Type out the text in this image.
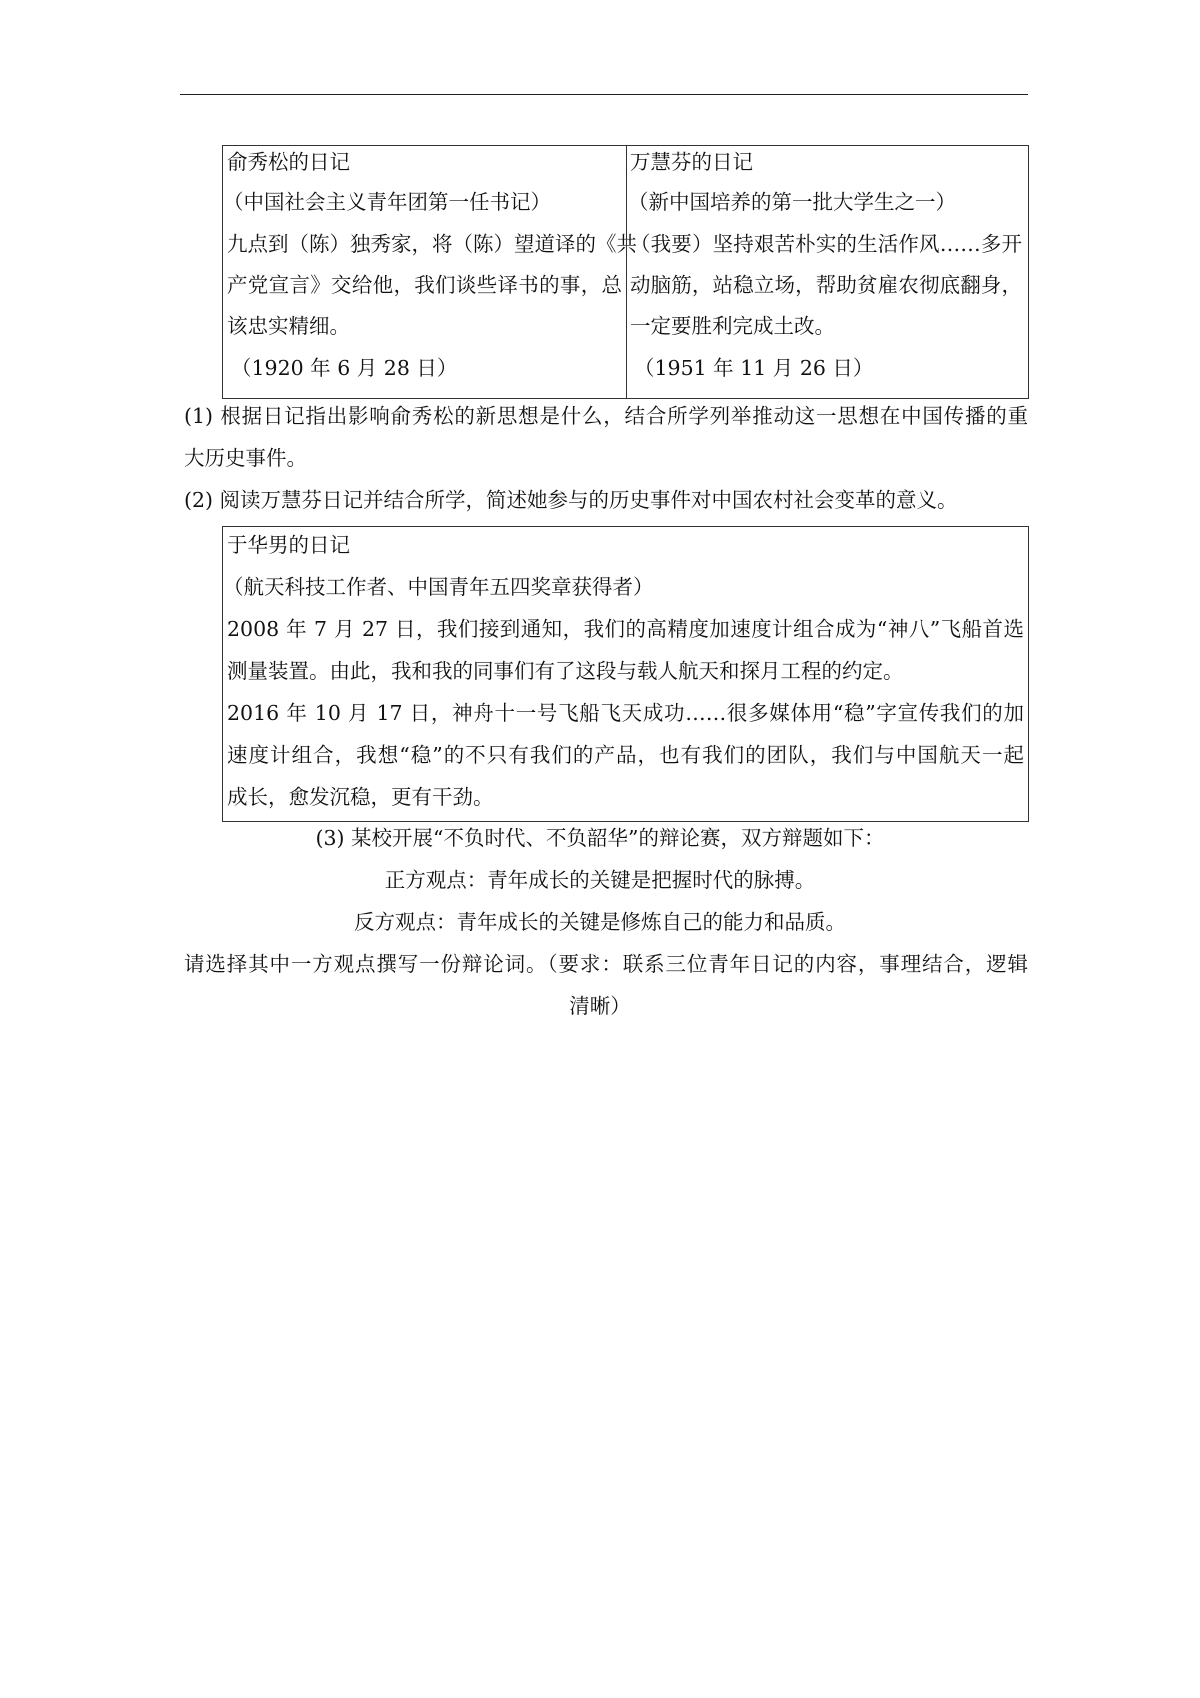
俞秀松的日记
（中国社会主义青年团第一任书记）
九点到（陈）独秀家，将（陈）望道译的《共
产党宣言》交给他，我们谈些译书的事，总
该忠实精细。
（1920 年 6 月 28 日）
万慧芬的日记
（新中国培养的第一批大学生之一）
（我要）坚持艰苦朴实的生活作风……多开
动脑筋，站稳立场，帮助贫雇农彻底翻身，
一定要胜利完成土改。
（1951 年 11 月 26 日）
(1) 根据日记指出影响俞秀松的新思想是什么，结合所学列举推动这一思想在中国传播的重
大历史事件。
(2) 阅读万慧芬日记并结合所学，简述她参与的历史事件对中国农村社会变革的意义。
于华男的日记
（航天科技工作者、中国青年五四奖章获得者）
2008 年 7 月 27 日，我们接到通知，我们的高精度加速度计组合成为“神八”飞船首选
测量装置。由此，我和我的同事们有了这段与载人航天和探月工程的约定。
2016 年 10 月 17 日，神舟十一号飞船飞天成功……很多媒体用“稳”字宣传我们的加
速度计组合，我想“稳”的不只有我们的产品，也有我们的团队，我们与中国航天一起
成长，愈发沉稳，更有干劲。
(3) 某校开展“不负时代、不负韶华”的辩论赛，双方辩题如下：
正方观点：青年成长的关键是把握时代的脉搏。
反方观点：青年成长的关键是修炼自己的能力和品质。
请选择其中一方观点撰写一份辩论词。（要求：联系三位青年日记的内容，事理结合，逻辑
清晰）
